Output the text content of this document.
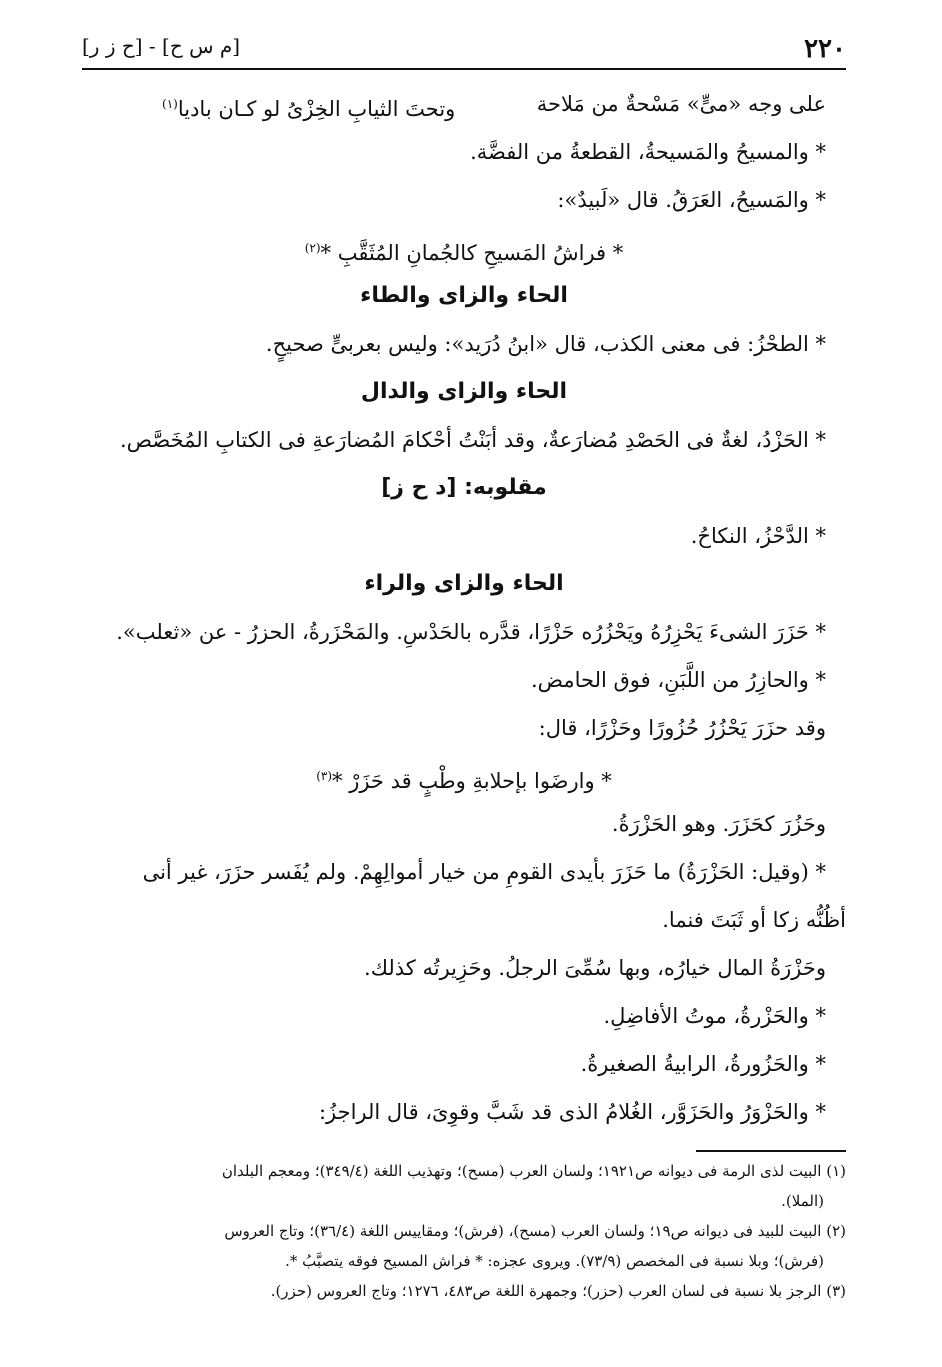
٢٢٠
[م س ح] - [ح ز ر]
على وجه «مىٍّ» مَسْحةٌ من مَلاحة
وتحتَ الثيابِ الخِزْىُ لو كـان باديا$^{(١)}$
* والمسيحُ والمَسيحةُ، القطعةُ من الفضَّة.
* والمَسيحُ، العَرَقُ. قال «لَبيدٌ»:
* فراشُ المَسيحِ كالجُمانِ المُثَقَّبِ *$^{(٢)}$
الحاء والزاى والطاء
* الطحْزُ: فى معنى الكذب، قال «ابنُ دُرَيد»: وليس بعربىٍّ صحيحٍ.
الحاء والزاى والدال
* الحَزْدُ، لغةٌ فى الحَصْدِ مُضارَعةٌ، وقد أبَنْتُ أحْكامَ المُضارَعةِ فى الكتابِ المُخَصَّص.
مقلوبه: [د ح ز]
* الدَّحْزُ، النكاحُ.
الحاء والزاى والراء
* حَزَرَ الشىءَ يَحْزِرُهُ ويَحْزُرُه حَزْرًا، قدَّره بالحَدْسِ. والمَحْزَرةُ، الحزرُ - عن «ثعلب».
* والحازِرُ من اللَّبَنِ، فوق الحامض.
وقد حزَرَ يَحْزُرُ حُزُورًا وحَزْرًا، قال:
* وارضَوا بإحلابةِ وطْبٍ قد حَزَرْ *$^{(٣)}$
وحَزُرَ كحَزَرَ. وهو الحَزْرَةُ.
* (وقيل: الحَزْرَةُ) ما حَزَرَ بأيدى القومِ من خيار أموالِهِمْ. ولم يُفَسر حزَرَ، غير أنى
أظُنُّه زكا أو ثَبَتَ فنما.
وحَزْرَةُ المال خيارُه، وبها سُمِّىَ الرجلُ. وحَزِيرتُه كذلك.
* والحَزْرةُ، موتُ الأفاضِلِ.
* والحَزُورةُ، الرابيةُ الصغيرةُ.
* والحَزْوَرُ والحَزَوَّر، الغُلامُ الذى قد شَبَّ وقوِىَ، قال الراجزُ:
(١) البيت لذى الرمة فى ديوانه ص١٩٢١؛ ولسان العرب (مسح)؛ وتهذيب اللغة (٣٤٩/٤)؛ ومعجم البلدان
(الملا).
(٢) البيت للبيد فى ديوانه ص١٩؛ ولسان العرب (مسح)، (فرش)؛ ومقاييس اللغة (٣٦/٤)؛ وتاج العروس
(فرش)؛ وبلا نسبة فى المخصص (٧٣/٩). ويروى عجزه: * فراش المسيح فوقه يتصبَّبُ *.
(٣) الرجز بلا نسبة فى لسان العرب (حزر)؛ وجمهرة اللغة ص٤٨٣، ١٢٧٦؛ وتاج العروس (حزر).
